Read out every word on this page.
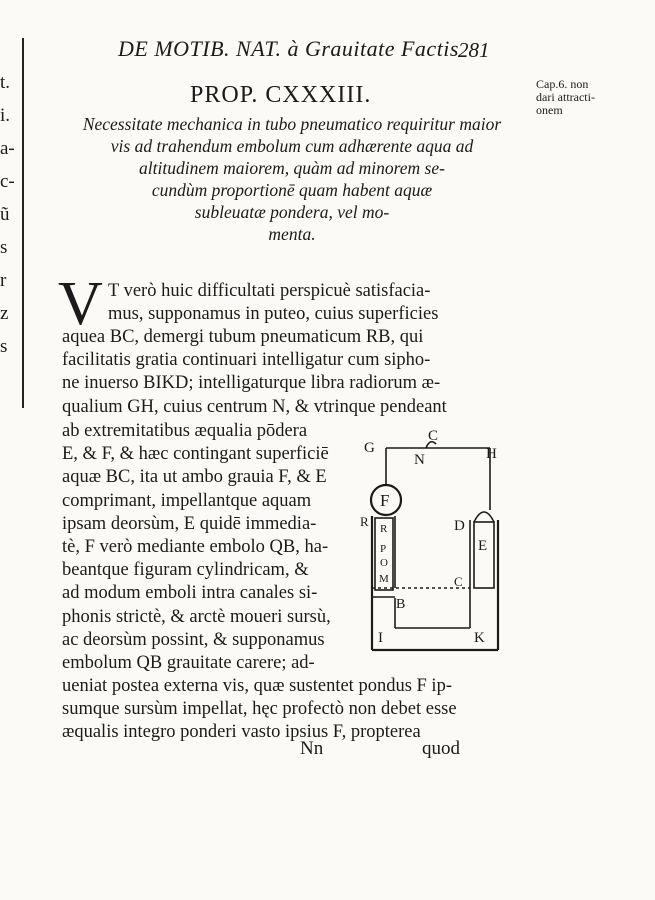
t.
i.
a-
c-
ũ
s
r
z
s
DE MOTIB. NAT. à Grauitate Factis 281
Cap.6. non
dari attracti-
onem
PROP. CXXXIII.
Necessitate mechanica in tubo pneumatico requiritur maior
vis ad trahendum embolum cum adhærente aqua ad
altitudinem maiorem, quàm ad minorem se-
cundùm proportionē quam habent aquæ
subleuatæ pondera, vel mo-
menta.
V T verò huic difficultati perspicuè satisfacia-
mus, supponamus in puteo, cuius superficies
aquea BC, demergi tubum pneumaticum RB, qui
facilitatis gratia continuari intelligatur cum sipho-
ne inuerso BIKD; intelligaturque libra radiorum æ-
qualium GH, cuius centrum N, & vtrinque pendeant
ab extremitatibus æqualia pōdera
E, & F, & hæc contingant superficiē
aquæ BC, ita ut ambo grauia F, & E
comprimant, impellantque aquam
ipsam deorsùm, E quidē immedia-
tè, F verò mediante embolo QB, ha-
beantque figuram cylindricam, &
ad modum emboli intra canales si-
phonis strictè, & arctè moueri sursù,
ac deorsùm possint, & supponamus
embolum QB grauitate carere; ad-
ueniat postea externa vis, quæ sustentet pondus F ip-
sumque sursùm impellat, hęc profectò non debet esse
æqualis integro ponderi vasto ipsius F, propterea
Nn	quod
G
C
H
N
F
R	D
E
B
C
I	K
R
P
O
M
